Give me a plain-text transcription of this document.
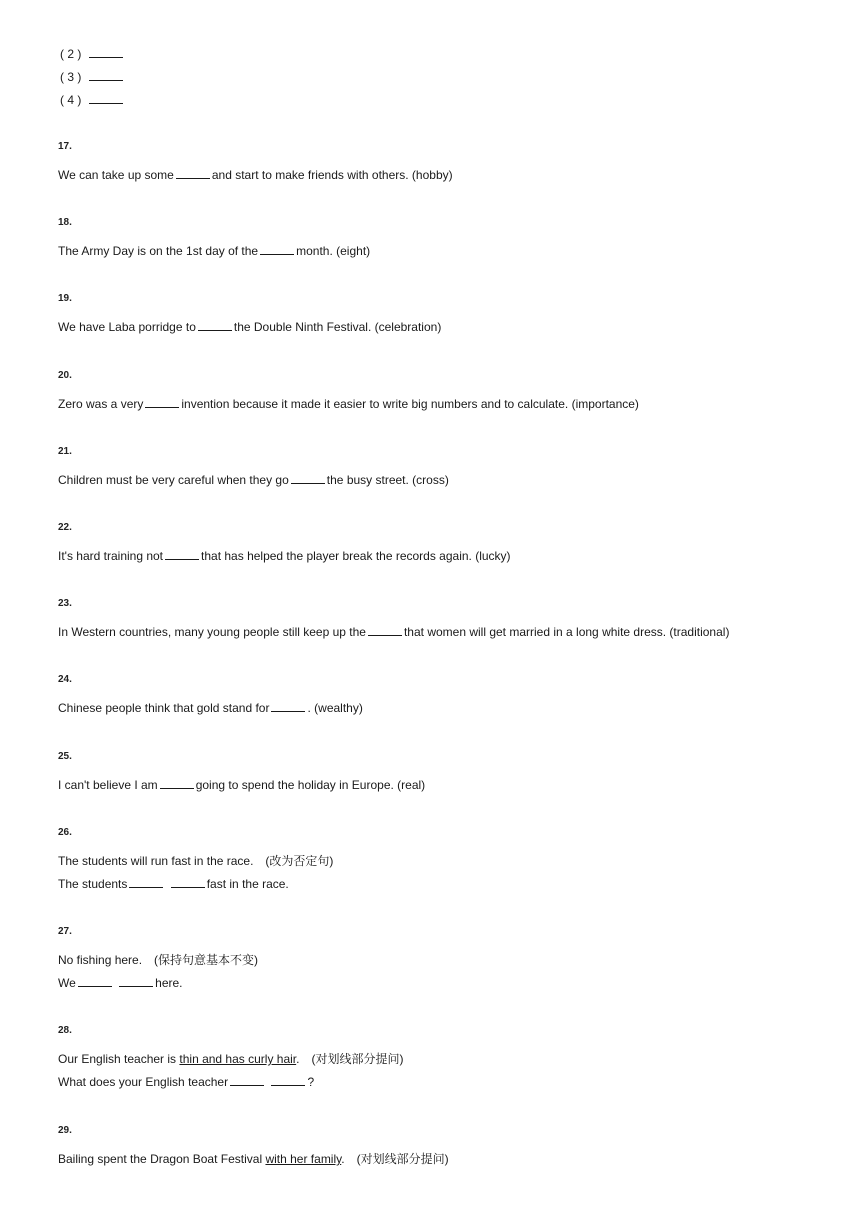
( 2 )
( 3 )
( 4 )
17.
We can take up some	and start to make friends with others. (hobby)
18.
The Army Day is on the 1st day of the	month. (eight)
19.
We have Laba porridge to	the Double Ninth Festival. (celebration)
20.
Zero was a very	invention because it made it easier to write big numbers and to calculate. (importance)
21.
Children must be very careful when they go	the busy street. (cross)
22.
It's hard training not	that has helped the player break the records again. (lucky)
23.
In Western countries, many young people still keep up the	that women will get married in a long white dress. (traditional)
24.
Chinese people think that gold stand for	. (wealthy)
25.
I can't believe I am	going to spend the holiday in Europe. (real)
26.
The students will run fast in the race.　(改为否定句)
The students	fast in the race.
27.
No fishing here.　(保持句意基本不变)
We	here.
28.
Our English teacher is thin and has curly hair.　(对划线部分提问)
What does your English teacher	?
29.
Bailing spent the Dragon Boat Festival with her family.　(对划线部分提问)
